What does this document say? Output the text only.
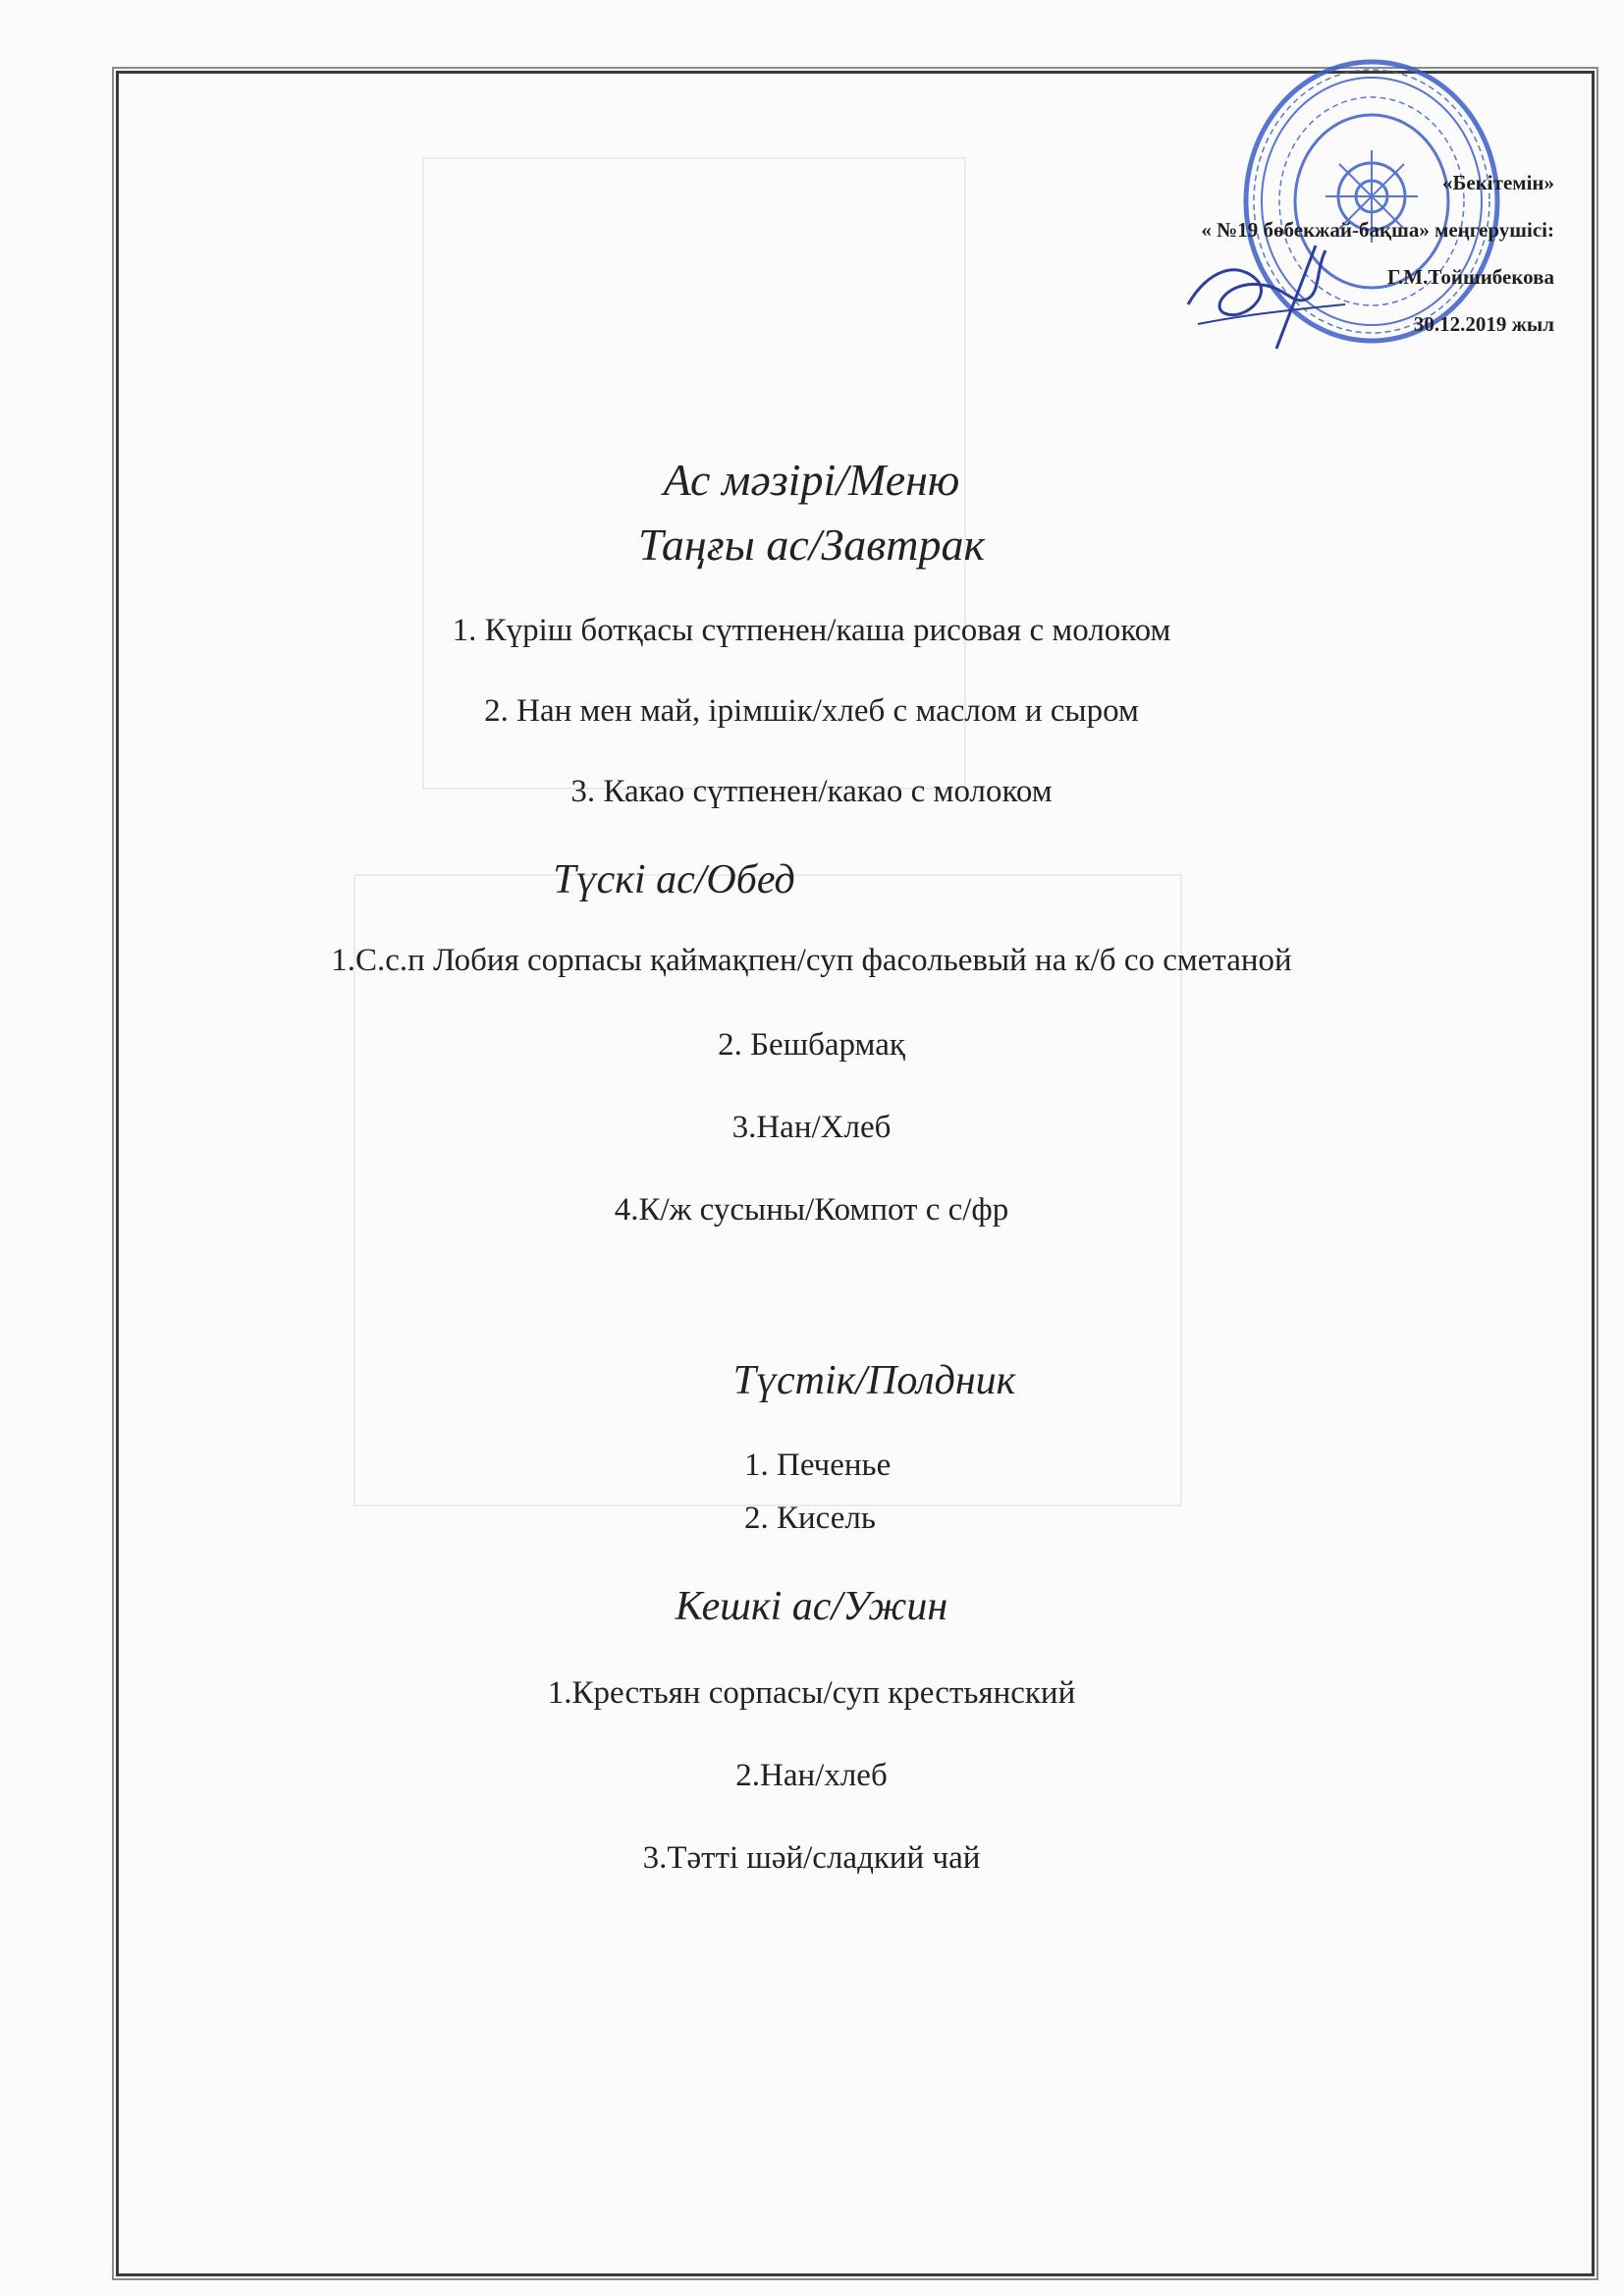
«Бекітемін»
« №19 бөбекжай-бақша» меңгерушісі:
Г.М.Тойшибекова
30.12.2019 жыл
Ас мәзірі/Меню
Таңғы ас/Завтрак
1. Күріш ботқасы сүтпенен/каша рисовая с молоком
2. Нан мен май, ірімшік/хлеб с маслом и сыром
3. Какао сүтпенен/какао с молоком
Түскі ас/Обед
1.С.с.п Лобия сорпасы қаймақпен/суп фасольевый на к/б со сметаной
2. Бешбармақ
3.Нан/Хлеб
4.К/ж сусыны/Компот с с/фр
Түстік/Полдник
1. Печенье
2. Кисель
Кешкі ас/Ужин
1.Крестьян сорпасы/суп крестьянский
2.Нан/хлеб
3.Тәтті шәй/сладкий чай
